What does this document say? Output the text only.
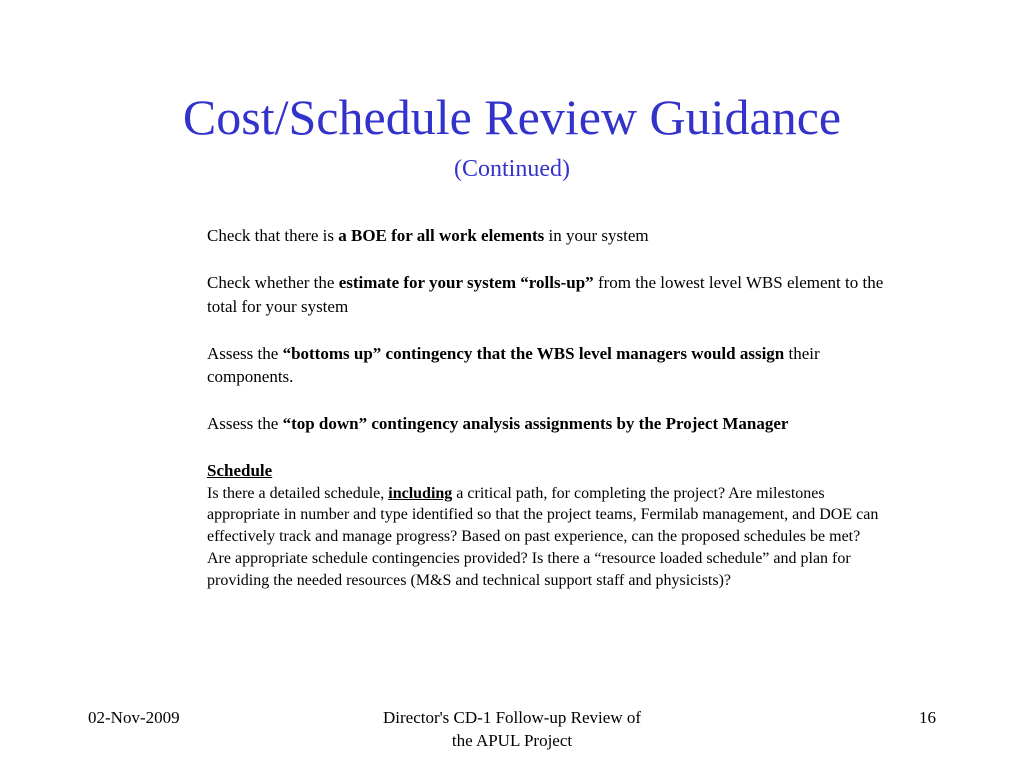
Cost/Schedule Review Guidance
(Continued)

Check that there is a BOE for all work elements in your system

Check whether the estimate for your system “rolls-up” from the lowest level WBS element to the total for your system

Assess the “bottoms up” contingency that the WBS level managers would assign their components.

Assess the “top down” contingency analysis assignments by the Project Manager

Schedule
Is there a detailed schedule, including a critical path, for completing the project? Are milestones appropriate in number and type identified so that the project teams, Fermilab management, and DOE can effectively track and manage progress? Based on past experience, can the proposed schedules be met? Are appropriate schedule contingencies provided? Is there a “resource loaded schedule” and plan for providing the needed resources (M&S and technical support staff and physicists)?
02-Nov-2009	Director's CD-1 Follow-up Review of
the APUL Project
16
